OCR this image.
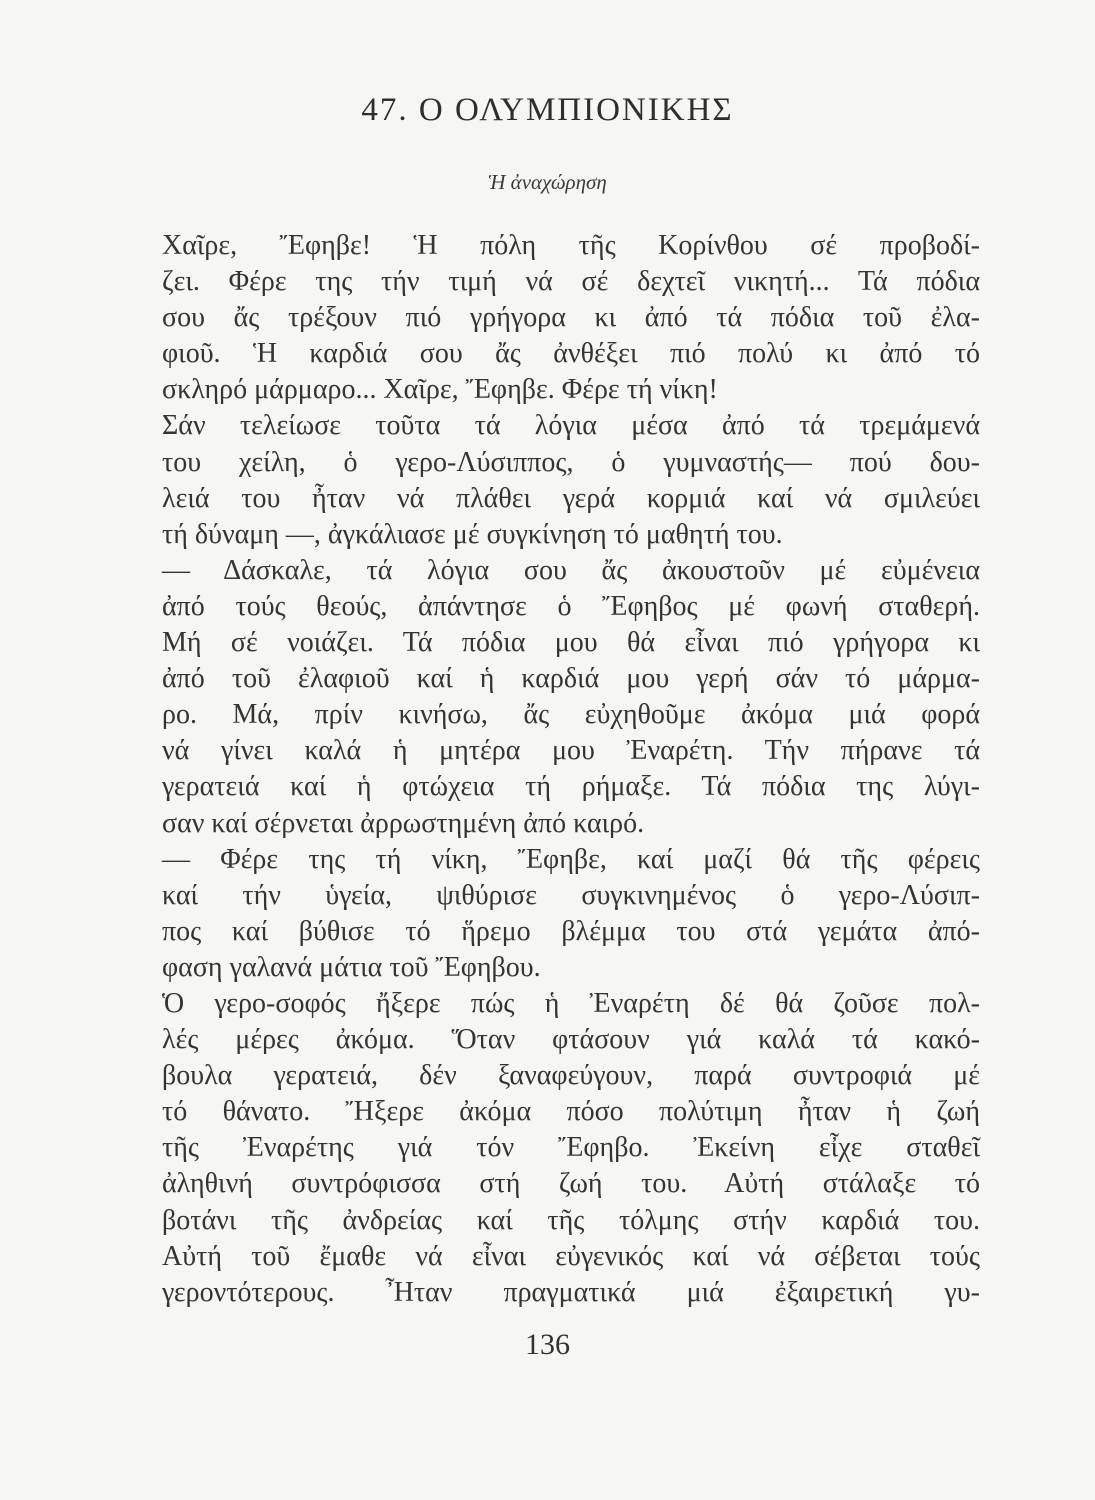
47. Ο ΟΛΥΜΠΙΟΝΙΚΗΣ
Ἡ ἀναχώρηση
Χαῖρε, Ἔφηβε! Ἡ πόλη τῆς Κορίνθου σέ προβοδί-
ζει. Φέρε της τήν τιμή νά σέ δεχτεῖ νικητή... Τά πόδια
σου ἄς τρέξουν πιό γρήγορα κι ἀπό τά πόδια τοῦ ἐλα-
φιοῦ. Ἡ καρδιά σου ἄς ἀνθέξει πιό πολύ κι ἀπό τό
σκληρό μάρμαρο... Χαῖρε, Ἔφηβε. Φέρε τή νίκη!
Σάν τελείωσε τοῦτα τά λόγια μέσα ἀπό τά τρεμάμενά
του χείλη, ὁ γερο-Λύσιππος, ὁ γυμναστής— πού δου-
λειά του ἦταν νά πλάθει γερά κορμιά καί νά σμιλεύει
τή δύναμη —, ἀγκάλιασε μέ συγκίνηση τό μαθητή του.
— Δάσκαλε, τά λόγια σου ἄς ἀκουστοῦν μέ εὐμένεια
ἀπό τούς θεούς, ἀπάντησε ὁ Ἔφηβος μέ φωνή σταθερή.
Μή σέ νοιάζει. Τά πόδια μου θά εἶναι πιό γρήγορα κι
ἀπό τοῦ ἐλαφιοῦ καί ἡ καρδιά μου γερή σάν τό μάρμα-
ρο. Μά, πρίν κινήσω, ἄς εὐχηθοῦμε ἀκόμα μιά φορά
νά γίνει καλά ἡ μητέρα μου Ἐναρέτη. Τήν πήρανε τά
γερατειά καί ἡ φτώχεια τή ρήμαξε. Τά πόδια της λύγι-
σαν καί σέρνεται ἀρρωστημένη ἀπό καιρό.
— Φέρε της τή νίκη, Ἔφηβε, καί μαζί θά τῆς φέρεις
καί τήν ὑγεία, ψιθύρισε συγκινημένος ὁ γερο-Λύσιπ-
πος καί βύθισε τό ἥρεμο βλέμμα του στά γεμάτα ἀπό-
φαση γαλανά μάτια τοῦ Ἔφηβου.
Ὁ γερο-σοφός ἤξερε πώς ἡ Ἐναρέτη δέ θά ζοῦσε πολ-
λές μέρες ἀκόμα. Ὅταν φτάσουν γιά καλά τά κακό-
βουλα γερατειά, δέν ξαναφεύγουν, παρά συντροφιά μέ
τό θάνατο. Ἤξερε ἀκόμα πόσο πολύτιμη ἦταν ἡ ζωή
τῆς Ἐναρέτης γιά τόν Ἔφηβο. Ἐκείνη εἶχε σταθεῖ
ἀληθινή συντρόφισσα στή ζωή του. Αὐτή στάλαξε τό
βοτάνι τῆς ἀνδρείας καί τῆς τόλμης στήν καρδιά του.
Αὐτή τοῦ ἔμαθε νά εἶναι εὐγενικός καί νά σέβεται τούς
γεροντότερους. Ἦταν πραγματικά μιά ἐξαιρετική γυ-
136
